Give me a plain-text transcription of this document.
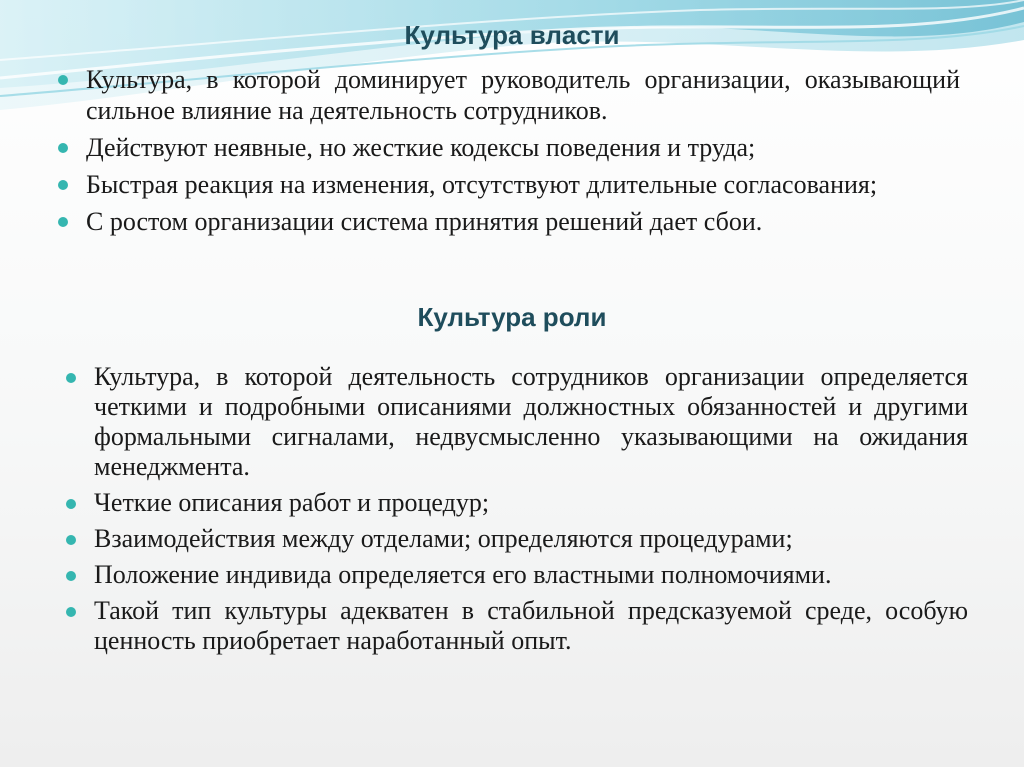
Культура власти
Культура, в которой доминирует руководитель организации, оказывающий сильное влияние на деятельность сотрудников.
Действуют неявные, но жесткие кодексы поведения и труда;
Быстрая реакция на изменения, отсутствуют длительные согласования;
С ростом организации система принятия решений дает сбои.
Культура роли
Культура, в которой деятельность сотрудников организации определяется четкими и подробными описаниями должностных обязанностей и другими формальными сигналами, недвусмысленно указывающими на ожидания менеджмента.
Четкие описания работ и процедур;
Взаимодействия между отделами; определяются процедурами;
Положение индивида определяется его властными полномочиями.
Такой тип культуры адекватен в стабильной предсказуемой среде, особую ценность приобретает наработанный опыт.
